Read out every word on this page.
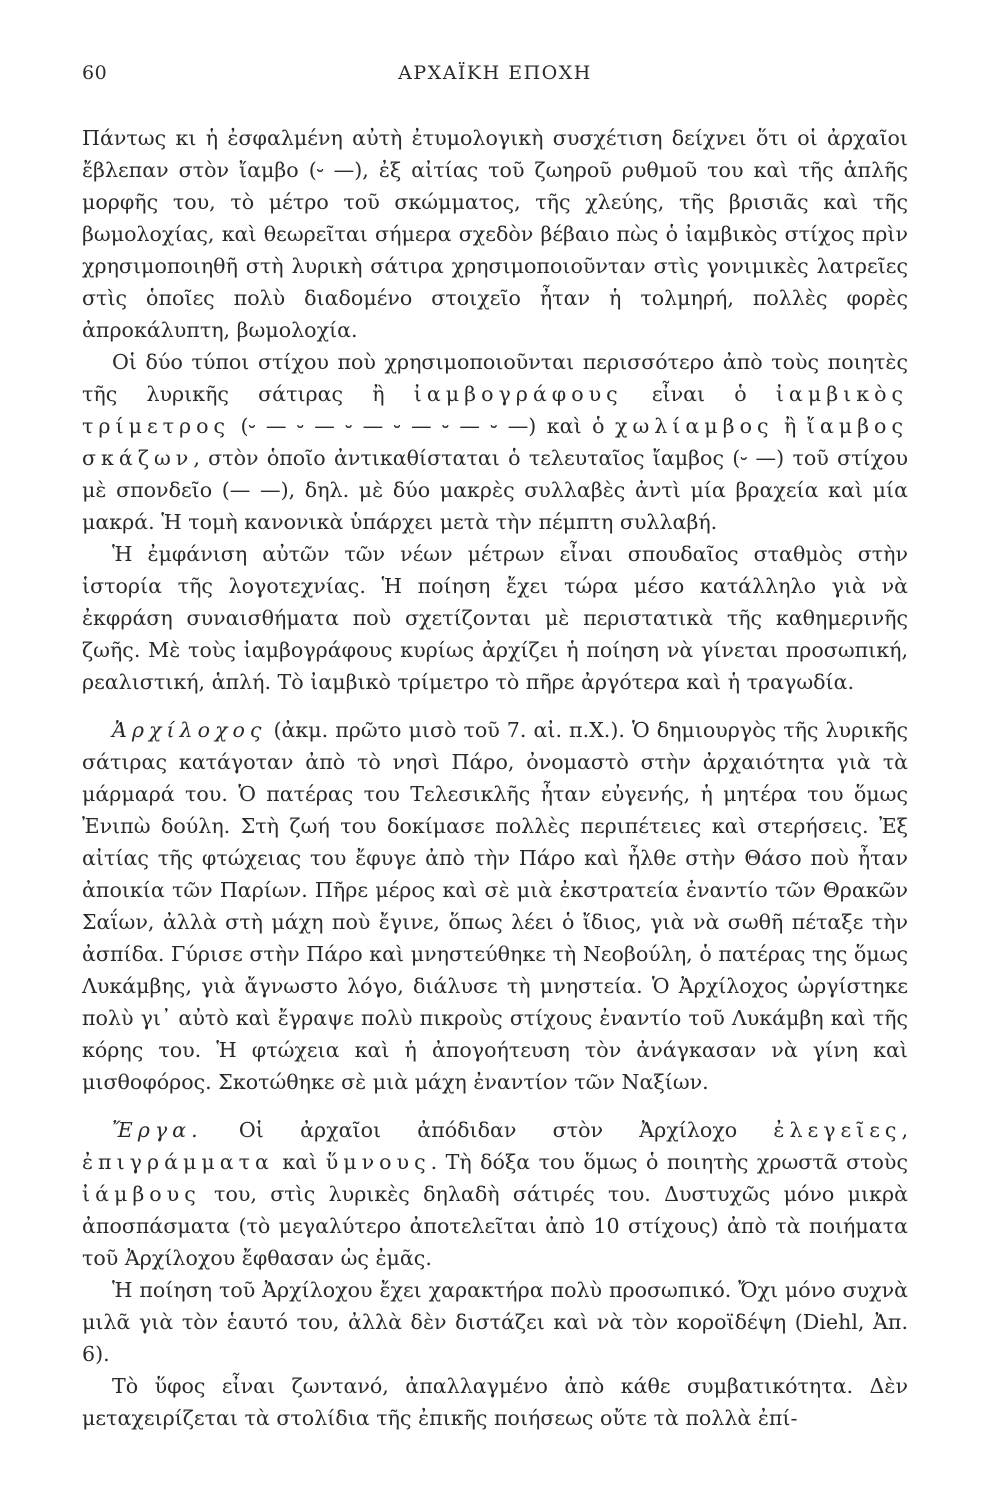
60	ΑΡΧΑΪΚΗ ΕΠΟΧΗ

Πάντως κι ἡ ἐσφαλμένη αὐτὴ ἐτυμολογικὴ συσχέτιση δείχνει ὅτι οἱ ἀρχαῖοι ἔβλεπαν στὸν ἴαμβο (⏑ —), ἐξ αἰτίας τοῦ ζωηροῦ ρυθμοῦ του καὶ τῆς ἁπλῆς μορφῆς του, τὸ μέτρο τοῦ σκώμματος, τῆς χλεύης, τῆς βρισιᾶς καὶ τῆς βωμολοχίας, καὶ θεωρεῖται σήμερα σχεδὸν βέβαιο πὼς ὁ ἰαμβικὸς στίχος πρὶν χρησιμοποιηθῆ στὴ λυρικὴ σάτιρα χρησιμοποιοῦνταν στὶς γονιμικὲς λατρεῖες στὶς ὁποῖες πολὺ διαδομένο στοιχεῖο ἦταν ἡ τολμηρή, πολλὲς φορὲς ἀπροκάλυπτη, βωμολοχία.

Οἱ δύο τύποι στίχου ποὺ χρησιμοποιοῦνται περισσότερο ἀπὸ τοὺς ποιητὲς τῆς λυρικῆς σάτιρας ἢ ἰαμβογράφους εἶναι ὁ ἰαμβικὸς τρίμετρος (⏑ — ⏑ — ⏑ — ⏑ — ⏑ — ⏑ —) καὶ ὁ χωλίαμβος ἢ ἴαμβος σκάζων, στὸν ὁποῖο ἀντικαθίσταται ὁ τελευταῖος ἴαμβος (⏑ —) τοῦ στίχου μὲ σπονδεῖο (— —), δηλ. μὲ δύο μακρὲς συλλαβὲς ἀντὶ μία βραχεία καὶ μία μακρά. Ἡ τομὴ κανονικὰ ὑπάρχει μετὰ τὴν πέμπτη συλλαβή.

Ἡ ἐμφάνιση αὐτῶν τῶν νέων μέτρων εἶναι σπουδαῖος σταθμὸς στὴν ἱστορία τῆς λογοτεχνίας. Ἡ ποίηση ἔχει τώρα μέσο κατάλληλο γιὰ νὰ ἐκφράση συναισθήματα ποὺ σχετίζονται μὲ περιστατικὰ τῆς καθημερινῆς ζωῆς. Μὲ τοὺς ἰαμβογράφους κυρίως ἀρχίζει ἡ ποίηση νὰ γίνεται προσωπική, ρεαλιστική, ἁπλή. Τὸ ἰαμβικὸ τρίμετρο τὸ πῆρε ἀργότερα καὶ ἡ τραγωδία.

Ἀρχίλοχος (ἀκμ. πρῶτο μισὸ τοῦ 7. αἰ. π.Χ.). Ὁ δημιουργὸς τῆς λυρικῆς σάτιρας κατάγοταν ἀπὸ τὸ νησὶ Πάρο, ὀνομαστὸ στὴν ἀρχαιότητα γιὰ τὰ μάρμαρά του. Ὁ πατέρας του Τελεσικλῆς ἦταν εὐγενής, ἡ μητέρα του ὅμως Ἐνιπὼ δούλη. Στὴ ζωή του δοκίμασε πολλὲς περιπέτειες καὶ στερήσεις. Ἐξ αἰτίας τῆς φτώχειας του ἔφυγε ἀπὸ τὴν Πάρο καὶ ἦλθε στὴν Θάσο ποὺ ἦταν ἀποικία τῶν Παρίων. Πῆρε μέρος καὶ σὲ μιὰ ἐκστρατεία ἐναντίο τῶν Θρακῶν Σαΐων, ἀλλὰ στὴ μάχη ποὺ ἔγινε, ὅπως λέει ὁ ἴδιος, γιὰ νὰ σωθῆ πέταξε τὴν ἀσπίδα. Γύρισε στὴν Πάρο καὶ μνηστεύθηκε τὴ Νεοβούλη, ὁ πατέρας της ὅμως Λυκάμβης, γιὰ ἄγνωστο λόγο, διάλυσε τὴ μνηστεία. Ὁ Ἀρχίλοχος ὠργίστηκε πολὺ γι᾽ αὐτὸ καὶ ἔγραψε πολὺ πικροὺς στίχους ἐναντίο τοῦ Λυκάμβη καὶ τῆς κόρης του. Ἡ φτώχεια καὶ ἡ ἀπογοήτευση τὸν ἀνάγκασαν νὰ γίνη καὶ μισθοφόρος. Σκοτώθηκε σὲ μιὰ μάχη ἐναντίον τῶν Ναξίων.

Ἔργα. Οἱ ἀρχαῖοι ἀπόδιδαν στὸν Ἀρχίλοχο ἐλεγεῖες, ἐπιγράμματα καὶ ὕμνους. Τὴ δόξα του ὅμως ὁ ποιητὴς χρωστᾶ στοὺς ἰάμβους του, στὶς λυρικὲς δηλαδὴ σάτιρές του. Δυστυχῶς μόνο μικρὰ ἀποσπάσματα (τὸ μεγαλύτερο ἀποτελεῖται ἀπὸ 10 στίχους) ἀπὸ τὰ ποιήματα τοῦ Ἀρχίλοχου ἔφθασαν ὡς ἐμᾶς.

Ἡ ποίηση τοῦ Ἀρχίλοχου ἔχει χαρακτήρα πολὺ προσωπικό. Ὄχι μόνο συχνὰ μιλᾶ γιὰ τὸν ἑαυτό του, ἀλλὰ δὲν διστάζει καὶ νὰ τὸν κοροϊδέψη (Diehl, Ἀπ. 6).

Τὸ ὕφος εἶναι ζωντανό, ἀπαλλαγμένο ἀπὸ κάθε συμβατικότητα. Δὲν μεταχειρίζεται τὰ στολίδια τῆς ἐπικῆς ποιήσεως οὔτε τὰ πολλὰ ἐπί-
